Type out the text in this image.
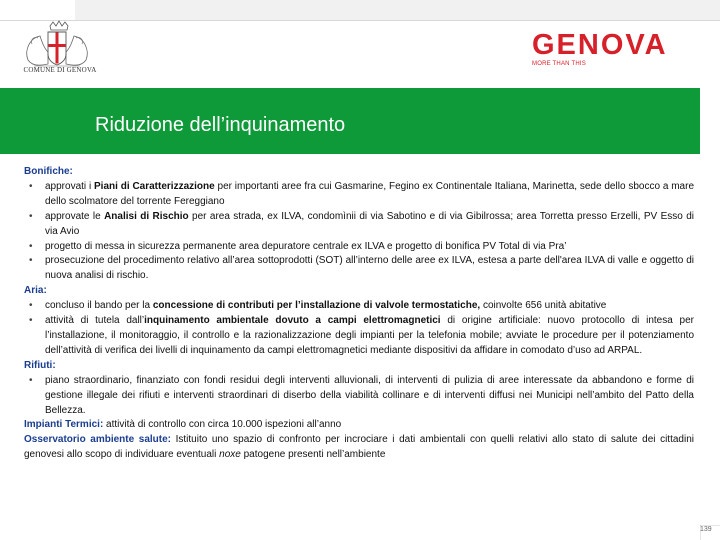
COMUNE DI GENOVA
GENOVA
MORE THAN THIS
Riduzione dell’inquinamento
Bonifiche:
• approvati i Piani di Caratterizzazione per importanti aree fra cui Gasmarine, Fegino ex Continentale Italiana, Marinetta, sede dello sbocco a mare dello scolmatore del torrente Fereggiano
• approvate le Analisi di Rischio per area strada, ex ILVA, condomìnii di via Sabotino e di via Gibilrossa; area Torretta presso Erzelli, PV Esso di via Avio
• progetto di messa in sicurezza permanente area depuratore centrale ex ILVA e progetto di bonifica PV Total di via Pra’
• prosecuzione del procedimento relativo all’area sottoprodotti (SOT) all’interno delle aree ex ILVA, estesa a parte dell'area ILVA di valle e oggetto di nuova analisi di rischio.
Aria:
• concluso il bando per la concessione di contributi per l’installazione di valvole termostatiche, coinvolte 656 unità abitative
• attività di tutela dall’inquinamento ambientale dovuto a campi elettromagnetici di origine artificiale: nuovo protocollo di intesa per l’installazione, il monitoraggio, il controllo e la razionalizzazione degli impianti per la telefonia mobile; avviate le procedure per il potenziamento dell’attività di verifica dei livelli di inquinamento da campi elettromagnetici mediante dispositivi da affidare in comodato d’uso ad ARPAL.
Rifiuti:
• piano straordinario, finanziato con fondi residui degli interventi alluvionali, di interventi di pulizia di aree interessate da abbandono e forme di gestione illegale dei rifiuti e interventi straordinari di diserbo della viabilità collinare e di interventi diffusi nei Municipi nell’ambito del Patto della Bellezza.
Impianti Termici: attività di controllo con circa 10.000 ispezioni all’anno
Osservatorio ambiente salute: Istituito uno spazio di confronto per incrociare i dati ambientali con quelli relativi allo stato di salute dei cittadini genovesi allo scopo di individuare eventuali noxe patogene presenti nell’ambiente
139
